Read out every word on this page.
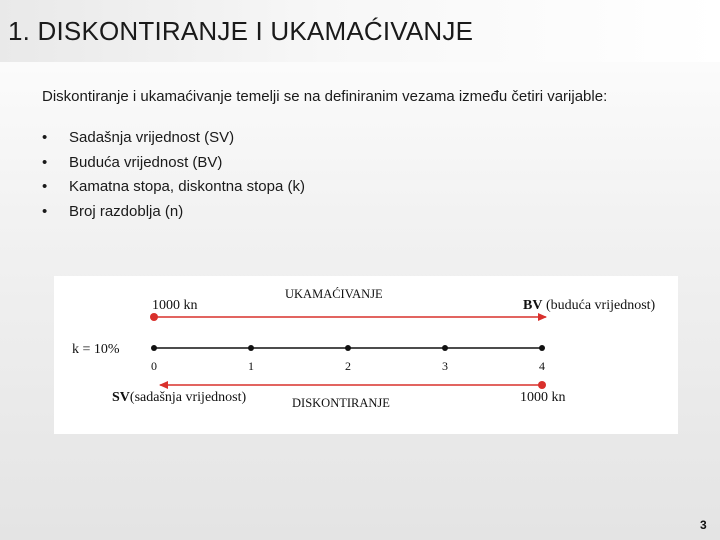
1. DISKONTIRANJE I UKAMAĆIVANJE

Diskontiranje i ukamaćivanje temelji se na definiranim vezama između četiri varijable:

• Sadašnja vrijednost (SV)
• Buduća vrijednost (BV)
• Kamatna stopa, diskontna stopa (k)
• Broj razdoblja (n)
UKAMAĆIVANJE
1000 kn	BV (buduća vrijednost)
k = 10%
0	1	2	3	4
SV(sadašnja vrijednost)	1000 kn
DISKONTIRANJE
3
